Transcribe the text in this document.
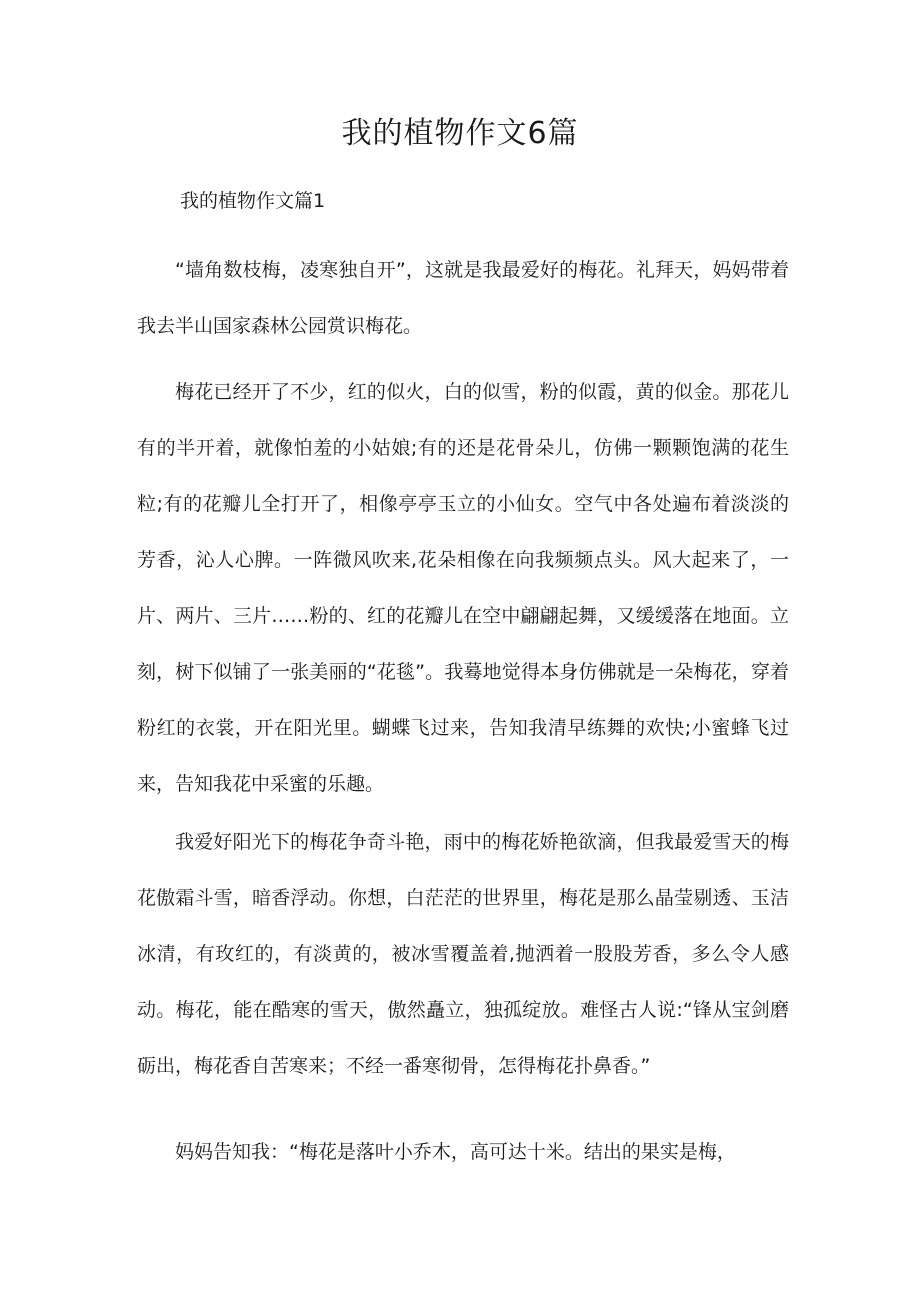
我的植物作文6篇
我的植物作文篇1

“墙角数枝梅，凌寒独自开”，这就是我最爱好的梅花。礼拜天，妈妈带着我去半山国家森林公园赏识梅花。

梅花已经开了不少，红的似火，白的似雪，粉的似霞，黄的似金。那花儿有的半开着，就像怕羞的小姑娘;有的还是花骨朵儿，仿佛一颗颗饱满的花生粒;有的花瓣儿全打开了，相像亭亭玉立的小仙女。空气中各处遍布着淡淡的芳香，沁人心脾。一阵微风吹来,花朵相像在向我频频点头。风大起来了，一片、两片、三片……粉的、红的花瓣儿在空中翩翩起舞，又缓缓落在地面。立刻，树下似铺了一张美丽的“花毯”。我蓦地觉得本身仿佛就是一朵梅花，穿着粉红的衣裳，开在阳光里。蝴蝶飞过来，告知我清早练舞的欢快;小蜜蜂飞过来，告知我花中采蜜的乐趣。

我爱好阳光下的梅花争奇斗艳，雨中的梅花娇艳欲滴，但我最爱雪天的梅花傲霜斗雪，暗香浮动。你想，白茫茫的世界里，梅花是那么晶莹剔透、玉洁冰清，有玫红的，有淡黄的，被冰雪覆盖着,抛洒着一股股芳香，多么令人感动。梅花，能在酷寒的雪天，傲然矗立，独孤绽放。难怪古人说:“锋从宝剑磨砺出，梅花香自苦寒来；不经一番寒彻骨，怎得梅花扑鼻香。”

妈妈告知我：“梅花是落叶小乔木，高可达十米。结出的果实是梅，
